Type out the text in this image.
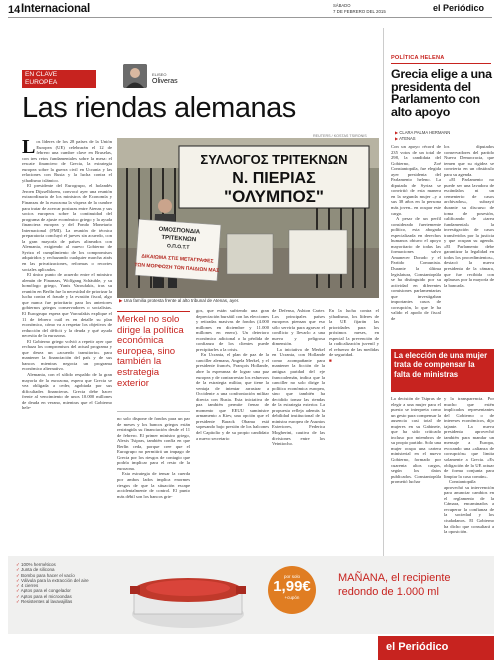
14 Internacional	SÁBADO
7 DE FEBRERO DEL 2015	el Periódico
EN CLAVE
EUROPEA
ELISEO
Oliveras
Las riendas alemanas
REUTERS / KOSTAS TSIRONIS
ΣΥΛΛΟΓΟΣ ΤΡΙΤΕΚΝΩΝ
Ν. ΠΙΕΡΙΑΣ
"ΟΛΥΜΠΟΣ"
ΟΜΟΣΠΟΝΔΙΑ
ΤΡΙΤΕΚΝΩΝ
Ο.Π.Ο.Τ.Τ
ΔΙΚΑΙΩΜΑ ΣΤΙΣ ΜΕΤΑΓΡΑΦΕΣ
ΤΩΝ ΜΟΡΦΩΣΗ ΤΩΝ ΠΑΙΔΙΩΝ ΜΑΣ
▶ Una familia protesta frente al alto tribunal de Atenas, ayer.

Los líderes de los 28 países de la Unión Europea (UE) celebrarán el 12 de febrero una cumbre clave en Bruselas, con tres retos fundamentales sobre la mesa: el rescate financiero de Grecia, la estrategia europea sobre la guerra civil en Ucrania y las relaciones con Rusia y la lucha contra el yihadismo islámico.

El presidente del Eurogrupo, el holandés Jeroen Dijsselbloem, convocó ayer una reunión extraordinaria de los ministros de Economía y Finanzas de la eurozona la víspera de la cumbre para tratar de acercar posturas entre Atenas y sus socios europeos sobre la continuidad del programa de ajuste económico griego y la ayuda financiera europea y del Fondo Monetario Internacional (FMI). La reunión de técnica preparatoria concluyó el jueves sin acuerdo, con la gran mayoría de países alineados con Alemania, exigiendo al nuevo Gobierno de Syriza el cumplimiento de los compromisos adquiridos y rechazando cualquier marcha atrás en las privatizaciones, reformas o recortes sociales aplicados.

El único punto de acuerdo entre el ministro alemán de Finanzas, Wolfgang Schäuble, y su homólogo griego, Yanis Varoufakis, tras su reunión en Berlín fue la necesidad de priorizar la lucha contra el fraude y la evasión fiscal, algo que nunca fue prioritario para los anteriores gobiernos griegos conservadores o socialistas. El Eurogrupo espera que Varoufakis explique el 11 de febrero cuál es en detalle su plan económico, cómo va a respetar los objetivos de reducción del déficit y la deuda y qué ayuda necesita de la eurozona.

El Gobierno griego volvió a repetir ayer que rechaza los compromisos del actual programa y que desea un «acuerdo transitorio» para mantener la financiación del país y de sus bancos mientras negocia un programa económico alternativo.

Alemania, con el sólido respaldo de la gran mayoría de la eurozona, espera que Grecia se vea obligada a ceder, agobiada por sus dificultades financieras. Grecia debe hacer frente al vencimiento de unos 10.000 millones de deuda en verano, mientras que el Gobierno hele-

Merkel no solo dirige la política económica europea, sino también la estrategia exterior

no solo dispone de fondos para un par de meses y los bancos griegos están restringida su financiación desde el 11 de febrero. El primer ministro griego, Alexis Tsipras, también confía en que Berlín ceda, porque cree que el Eurogrupo no permitirá un impago de Grecia por los riesgos de contagio que podría implicar para el resto de la eurozona.

Esta estrategia de tensar la cuerda por ambos lados implica enormes riesgos de que la situación escape accidentalmente de control. El punto más débil son los bancos grie-

gos, que están sufriendo una gran depreciación bursátil con las elecciones y retiradas masivas de fondos (4.000 millones en diciembre y 11.000 millones en enero). Un deterioro económico adicional o la pérdida de confianza de los clientes puede precipitarles a la crisis.

En Ucrania, el plan de paz de la canciller alemana, Angela Merkel, y el presidente francés, François Hollande, abre la esperanza de lograr una paz europea y de contrarrestar los esfuerzos de la estrategia militar, que tiene la ventaja de intentar arrastrar a Occidente a una confrontación militar directa con Rusia. Esta iniciativa de paz también permite frenar de momento que EEUU suministre armamento a Kiev, una opción que el presidente Barack Obama está sopesando bajo presión de los halcones del Capitolio y de su propio candidato a nuevo secretario

de Defensa, Ashton Carter. Los principales países europeos piensan que eso sólo serviría para agravar el conflicto y llevarlo a una nueva y peligrosa dimensión.

La iniciativa de Merkel en Ucrania, con Hollande como acompañante para mantener la ficción de la antigua paridad del eje francoalemán, indica que la canciller no solo dirige la política económica europea, sino que también ha decidido tomar las riendas de la estrategia exterior. La propuesta refleja además la debilidad institucional de la ministra europea de Asuntos Exteriores, Federica Mogherini, cautiva de las divisiones entre los Veintiocho.

En la lucha contra el yihadismo, los líderes de la UE fijarán las prioridades para los próximos meses, en especial la prevención de la radicalización juvenil y el refuerzo de las medidas de seguridad.

■

POLÍTICA HELENA
Grecia elige a una presidenta del Parlamento con alto apoyo
▶ CLARA PALMA HERMANN
▶ ATENAS

Con un apoyo récord de 235 votos de un total de 298, la candidata del Gobierno, Zoé Constantopúla, fue elegida ayer presidenta del Parlamento heleno. La diputada de Syriza se convirtió de esta manera en la segunda mujer –y a sus 38 años en la persona más joven– en ocupar este cargo.

A pesar de un perfil considerado fuertemente político, esta abogada especializada en derechos humanos obtuvo el apoyo mayoritario de todas las formaciones salvo Amanecer Dorado y el Partido Comunista. Durante la última legislatura, Constantopúla se ha distinguido por su actividad en diferentes comisiones parlamentarias que investigaban importantes casos de corrupción, lo que le ha valido el apodo de fiscal de

los diputados conservadores del partido Nueva Democracia, que temen que su rigidez se convierta en un obstáculo para su agenda.

«El Parlamento no puede ser una lavadora de escándalos ni un cementerio de casos archivados», subrayó durante su discurso de toma de posesión, calificando de «tarea fundamental» la investigación de casos transferidos por la justicia y que ocupan su agenda. «El Parlamento debe garantizar la legalidad en todos los procedimientos», destacó la nueva presidenta de la cámara, que fue recibida con aplausos por la mayoría de la bancada.

La elección de una mujer trata de compensar la falta de ministras

La decisión de Tsipras de elegir a una mujer para el puesto se interpreta como un gesto para compensar la ausencia casi total de mujeres en su Gabinete, que ha sido criticado incluso por miembros de su propio partido. Solo una mujer ocupa una cartera ministerial en el nuevo Gobierno, formado por cuarenta altos cargos, según los datos publicados. Constantopúla prometió luchar

y la transparencia. Por mucho que estén implicados representantes del Gobierno o de intereses económicos, dijo tajante. La nueva presidenta aprovechó también para mandar un mensaje a Europa, evocando una «alianza de corrupción» que limita solamente a Grecia. «Es obligación de la UE actuar de forma conjunta para limpiar la casa común».

Constantopúla aprovechó su intervención para anunciar cambios en el reglamento de la Cámara, encaminados a recuperar la confianza de la sociedad y los ciudadanos. El Gobierno ha dicho que consultará a la oposición.

✓ 100% herméticos
✓ Junta de silicona
✓ Bombo para hacer el vacío
✓ Válvula para la extracción del aire
✓ 4 cierres
✓ Aptos para el congelador
✓ Aptos para el microondas
✓ Resistentes al lavavajillas
por solo
1,99€
+cupón
MAÑANA, el recipiente
redondo de 1.000 ml
el Periódico
